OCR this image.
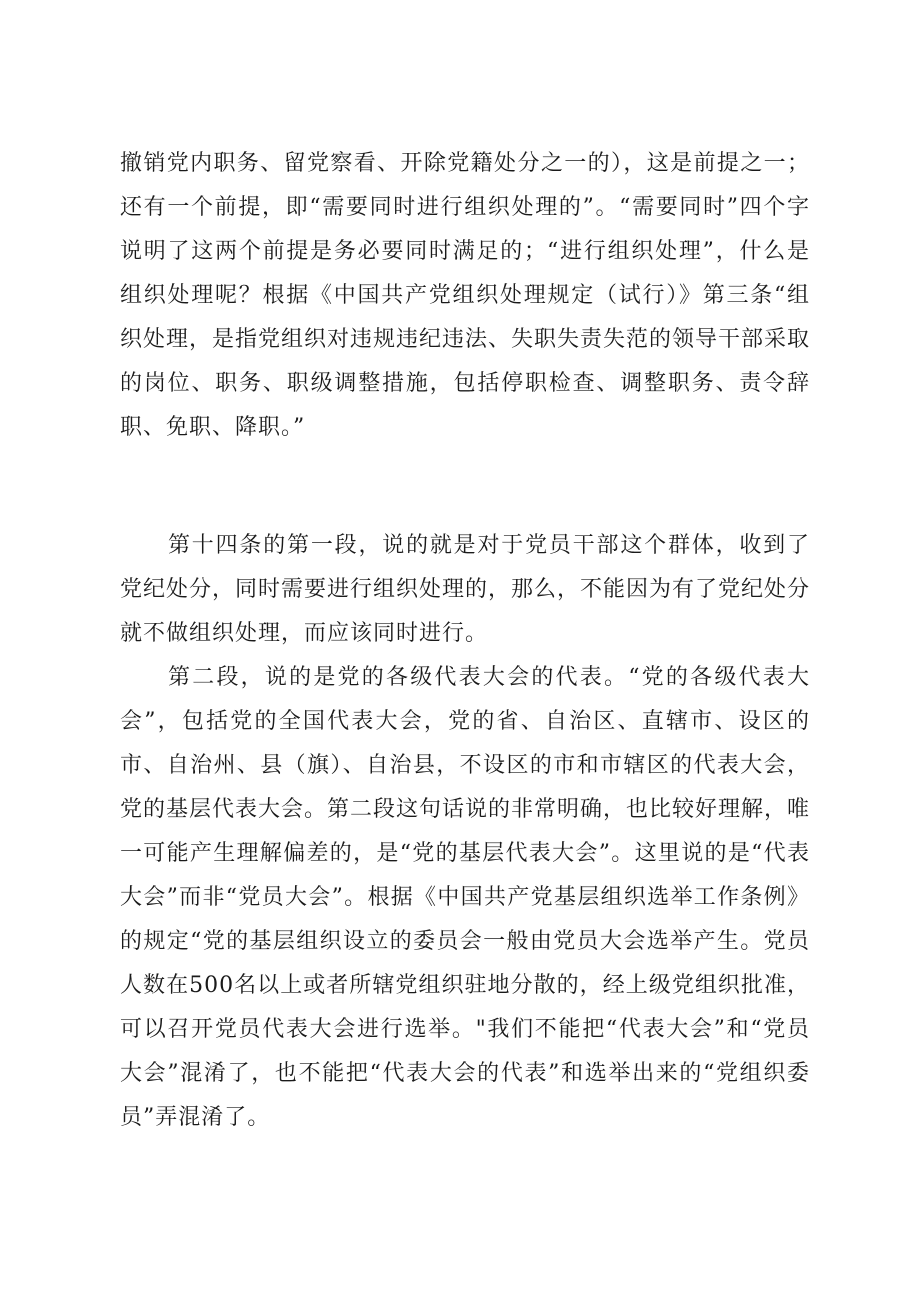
撤销党内职务、留党察看、开除党籍处分之一的），这是前提之一；还有一个前提，即“需要同时进行组织处理的”。“需要同时”四个字说明了这两个前提是务必要同时满足的；“进行组织处理”，什么是组织处理呢？根据《中国共产党组织处理规定（试行）》第三条“组织处理，是指党组织对违规违纪违法、失职失责失范的领导干部采取的岗位、职务、职级调整措施，包括停职检查、调整职务、责令辞职、免职、降职。”

第十四条的第一段，说的就是对于党员干部这个群体，收到了党纪处分，同时需要进行组织处理的，那么，不能因为有了党纪处分就不做组织处理，而应该同时进行。

第二段，说的是党的各级代表大会的代表。“党的各级代表大会”，包括党的全国代表大会，党的省、自治区、直辖市、设区的市、自治州、县（旗）、自治县，不设区的市和市辖区的代表大会，党的基层代表大会。第二段这句话说的非常明确，也比较好理解，唯一可能产生理解偏差的，是“党的基层代表大会”。这里说的是“代表大会”而非“党员大会”。根据《中国共产党基层组织选举工作条例》的规定“党的基层组织设立的委员会一般由党员大会选举产生。党员人数在500名以上或者所辖党组织驻地分散的，经上级党组织批准，可以召开党员代表大会进行选举。"我们不能把“代表大会”和“党员大会”混淆了，也不能把“代表大会的代表”和选举出来的“党组织委员”弄混淆了。
